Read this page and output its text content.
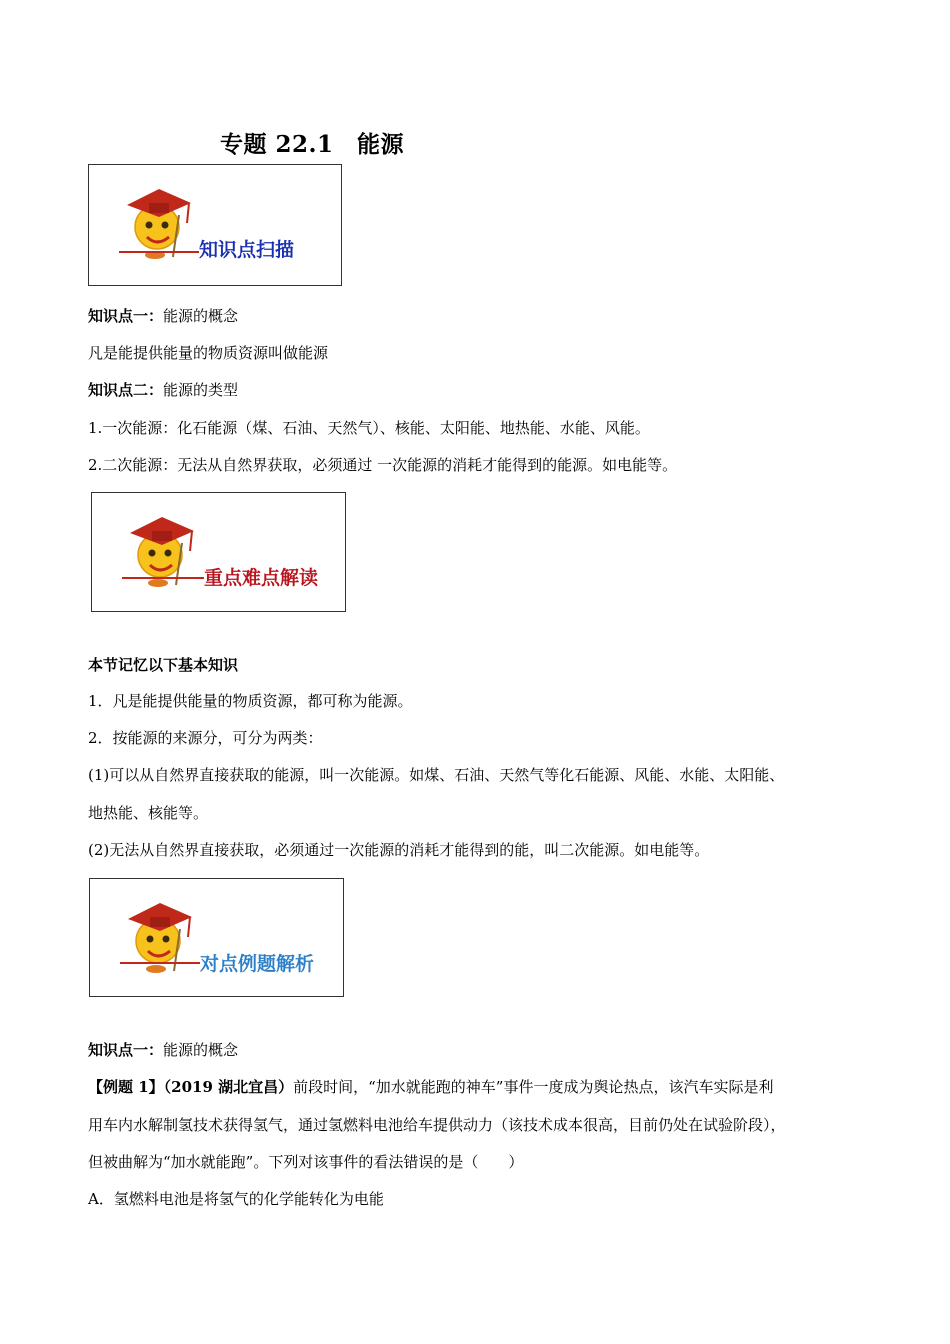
专题 22.1　能源
知识点扫描
知识点一：能源的概念
凡是能提供能量的物质资源叫做能源
知识点二：能源的类型
1.一次能源：化石能源（煤、石油、天然气）、核能、太阳能、地热能、水能、风能。
2.二次能源：无法从自然界获取，必须通过 一次能源的消耗才能得到的能源。如电能等。
重点难点解读
本节记忆以下基本知识
1．凡是能提供能量的物质资源，都可称为能源。
2．按能源的来源分，可分为两类：
(1)可以从自然界直接获取的能源，叫一次能源。如煤、石油、天然气等化石能源、风能、水能、太阳能、
地热能、核能等。
(2)无法从自然界直接获取，必须通过一次能源的消耗才能得到的能，叫二次能源。如电能等。
对点例题解析
知识点一：能源的概念
【例题 1】（2019 湖北宜昌）前段时间，“加水就能跑的神车”事件一度成为舆论热点，该汽车实际是利
用车内水解制氢技术获得氢气，通过氢燃料电池给车提供动力（该技术成本很高，目前仍处在试验阶段），
但被曲解为“加水就能跑”。下列对该事件的看法错误的是（　　）
A．氢燃料电池是将氢气的化学能转化为电能
